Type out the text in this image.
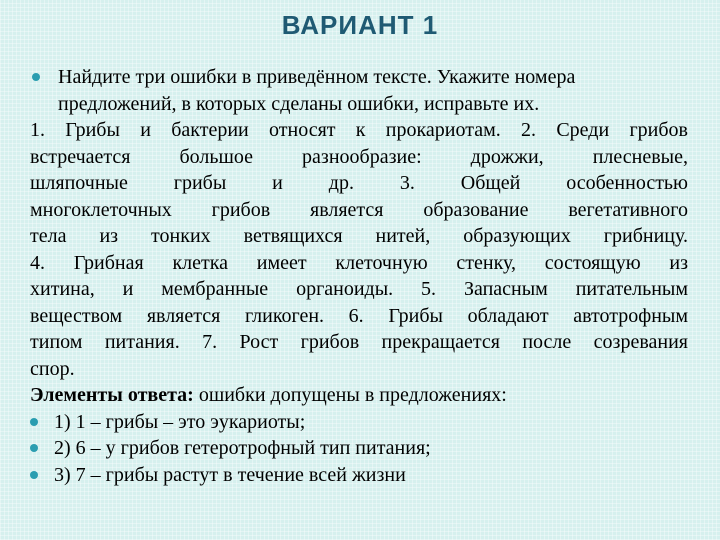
ВАРИАНТ 1
Найдите три ошибки в приведённом тексте. Укажите номера предложений, в которых сделаны ошибки, исправьте их.
1. Грибы и бактерии относят к прокариотам. 2. Среди грибов
встречается большое разнообразие: дрожжи, плесневые,
шляпочные грибы и др. 3. Общей особенностью
многоклеточных грибов является образование вегетативного
тела из тонких ветвящихся нитей, образующих грибницу.
4. Грибная клетка имеет клеточную стенку, состоящую из
хитина, и мембранные органоиды. 5. Запасным питательным
веществом является гликоген. 6. Грибы обладают автотрофным
типом питания. 7. Рост грибов прекращается после созревания
спор.
Элементы ответа: ошибки допущены в предложениях:
1) 1 – грибы – это эукариоты;
2) 6 – у грибов гетеротрофный тип питания;
3) 7 – грибы растут в течение всей жизни
